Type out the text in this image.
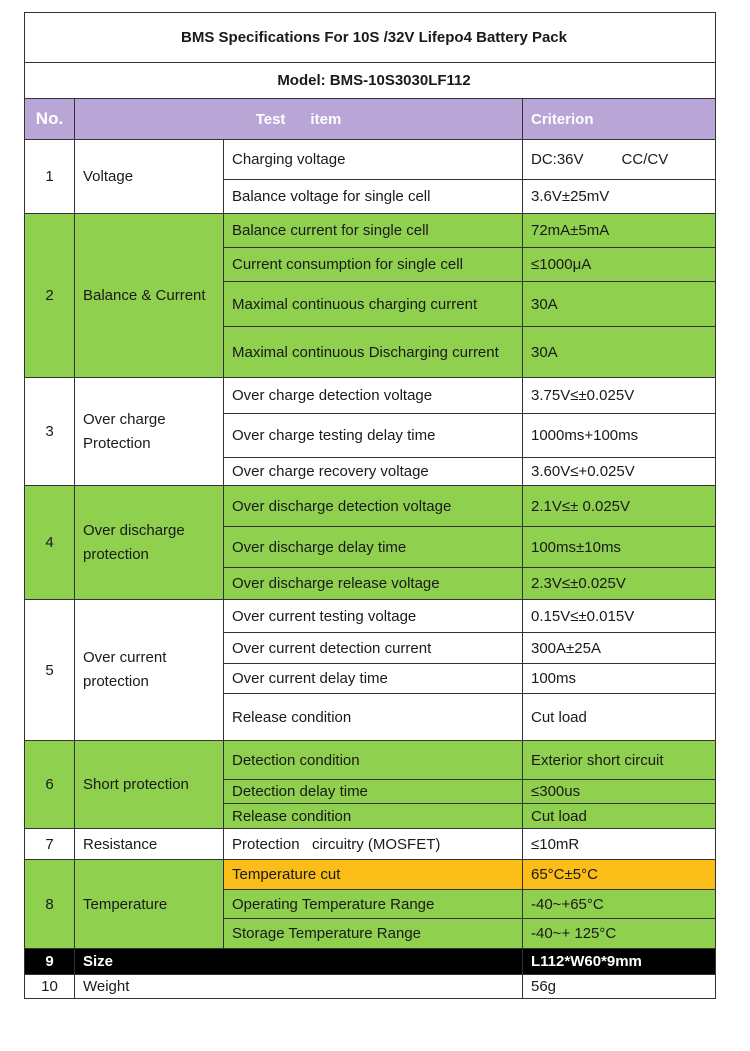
BMS Specifications For 10S /32V Lifepo4 Battery Pack			
Model: BMS-10S3030LF112			
No.	Test      item		Criterion
1	Voltage	Charging voltage	DC:36V CC/CV
		Balance voltage for single cell	3.6V±25mV
2	Balance & Current	Balance current for single cell	72mA±5mA
		Current consumption for single cell	≤1000μA
		Maximal continuous charging current	30A
		Maximal continuous Discharging current	30A
3	Over charge Protection	Over charge detection voltage	3.75V≤±0.025V
		Over charge testing delay time	1000ms+100ms
		Over charge recovery voltage	3.60V≤+0.025V
4	Over discharge protection	Over discharge detection voltage	2.1V≤± 0.025V
		Over discharge delay time	100ms±10ms
		Over discharge release voltage	2.3V≤±0.025V
5	Over current protection	Over current testing voltage	0.15V≤±0.015V
		Over current detection current	300A±25A
		Over current delay time	100ms
		Release condition	Cut load
6	Short protection	Detection condition	Exterior short circuit
		Detection delay time	≤300us
		Release condition	Cut load
7	Resistance	Protection   circuitry (MOSFET)	≤10mR
8	Temperature	Temperature cut	65°C±5°C
		Operating Temperature Range	-40~+65°C
		Storage Temperature Range	-40~+ 125°C
9	Size		L112*W60*9mm
10	Weight		56g
